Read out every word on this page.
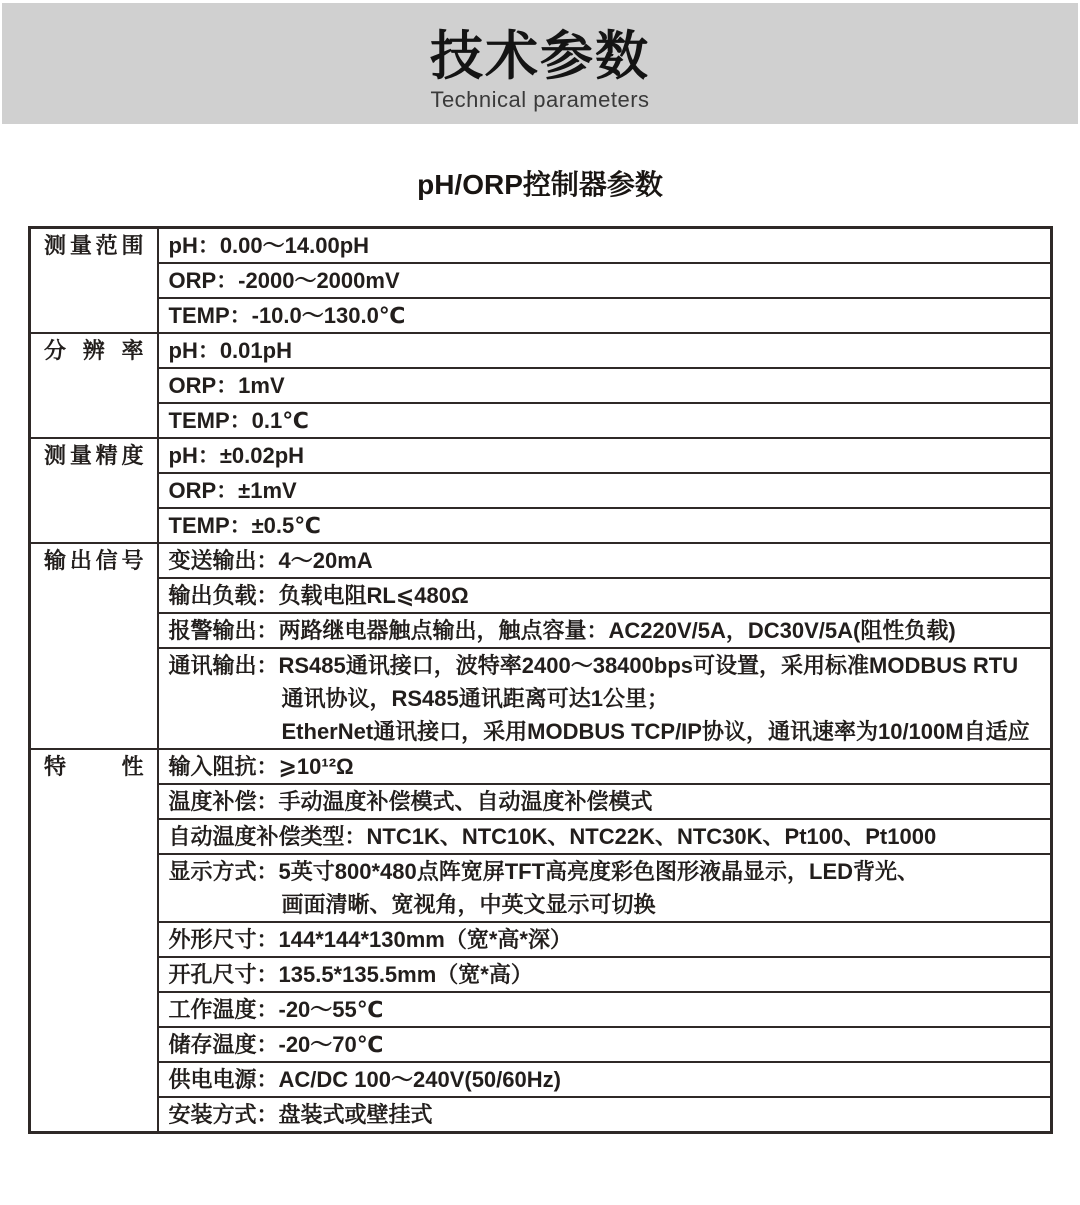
技术参数
Technical parameters
pH/ORP控制器参数
测量范围	pH：0.00～14.00pH
	ORP：-2000～2000mV
	TEMP：-10.0～130.0℃

分辨率	pH：0.01pH
	ORP：1mV
	TEMP：0.1℃

测量精度	pH：±0.02pH
	ORP：±1mV
	TEMP：±0.5℃

输出信号	变送输出：4～20mA
	输出负载：负载电阻RL⩽480Ω
	报警输出：两路继电器触点输出，触点容量：AC220V/5A，DC30V/5A(阻性负载)

	通讯输出：RS485通讯接口，波特率2400～38400bps可设置，采用标准MODBUS RTU
通讯协议，RS485通讯距离可达1公里；
EtherNet通讯接口，采用MODBUS TCP/IP协议，通讯速率为10/100M自适应

特性	输入阻抗：⩾10¹²Ω
	温度补偿：手动温度补偿模式、自动温度补偿模式
	自动温度补偿类型：NTC1K、NTC10K、NTC22K、NTC30K、Pt100、Pt1000

	显示方式：5英寸800*480点阵宽屏TFT高亮度彩色图形液晶显示，LED背光、
画面清晰、宽视角，中英文显示可切换

	外形尺寸：144*144*130mm（宽*高*深）
	开孔尺寸：135.5*135.5mm（宽*高）
	工作温度：-20～55℃
	储存温度：-20～70℃
	供电电源：AC/DC 100～240V(50/60Hz)
	安装方式：盘装式或壁挂式
